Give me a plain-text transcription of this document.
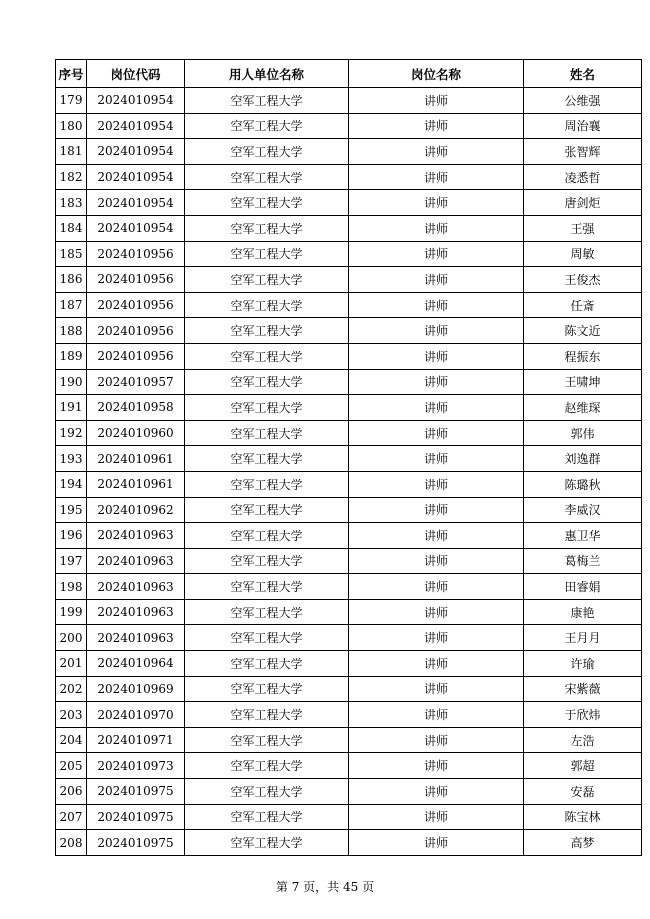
序号	岗位代码	用人单位名称	岗位名称	姓名
179	2024010954	空军工程大学	讲师	公维强
180	2024010954	空军工程大学	讲师	周治襄
181	2024010954	空军工程大学	讲师	张智辉
182	2024010954	空军工程大学	讲师	凌悉哲
183	2024010954	空军工程大学	讲师	唐剑炬
184	2024010954	空军工程大学	讲师	王强
185	2024010956	空军工程大学	讲师	周敏
186	2024010956	空军工程大学	讲师	王俊杰
187	2024010956	空军工程大学	讲师	任斎
188	2024010956	空军工程大学	讲师	陈文近
189	2024010956	空军工程大学	讲师	程振东
190	2024010957	空军工程大学	讲师	王啸坤
191	2024010958	空军工程大学	讲师	赵维琛
192	2024010960	空军工程大学	讲师	郭伟
193	2024010961	空军工程大学	讲师	刘逸群
194	2024010961	空军工程大学	讲师	陈璐秋
195	2024010962	空军工程大学	讲师	李威汉
196	2024010963	空军工程大学	讲师	惠卫华
197	2024010963	空军工程大学	讲师	葛梅兰
198	2024010963	空军工程大学	讲师	田睿娟
199	2024010963	空军工程大学	讲师	康艳
200	2024010963	空军工程大学	讲师	王月月
201	2024010964	空军工程大学	讲师	许瑜
202	2024010969	空军工程大学	讲师	宋紫薇
203	2024010970	空军工程大学	讲师	于欣炜
204	2024010971	空军工程大学	讲师	左浩
205	2024010973	空军工程大学	讲师	郭超
206	2024010975	空军工程大学	讲师	安磊
207	2024010975	空军工程大学	讲师	陈宝林
208	2024010975	空军工程大学	讲师	高梦
第 7 页，共 45 页
